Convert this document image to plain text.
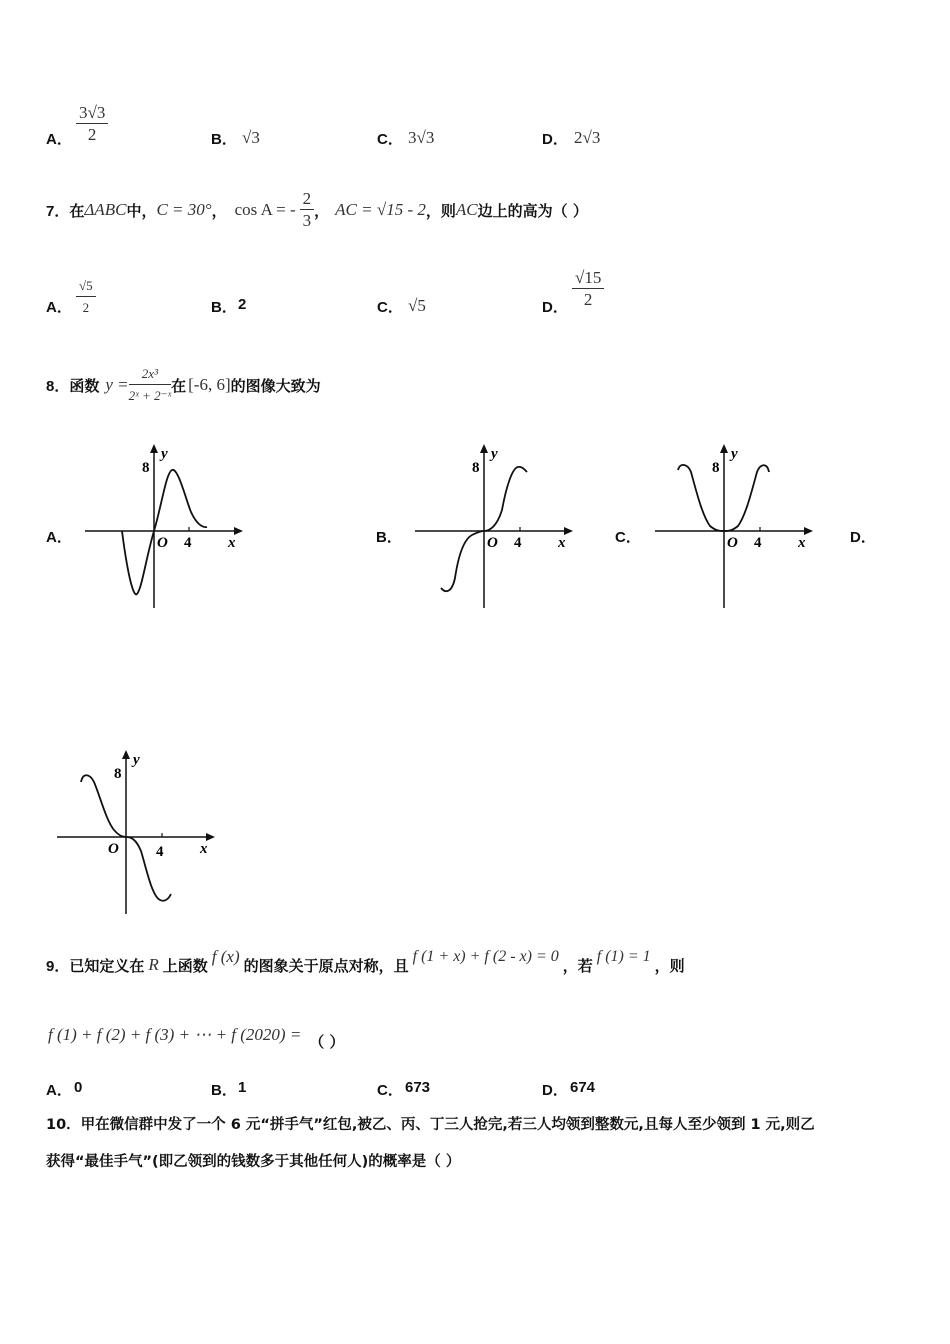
A． $\frac{3√3}{2}$	B． √3	C． 3√3	D． 2√3
7． 在 ΔABC 中， C = 30° ， cos A = - $\frac{2}{3}$ ， AC = √15 - 2 ，则 AC 边上的高为（ ）
A． $\frac{√5}{2}$	B． 2	C． √5	D． $\frac{√15}{2}$
8． 函数 $y = \frac{\text{2x³}}{\text{2ˣ + 2⁻ˣ}}$ 在 [-6, 6] 的图像大致为
A．	B．	C．	D．
8
y
O 4 x
8
y
O 4 x
8
y
O 4 x
8
y
O 4 x
9． 已知定义在 R 上函数 f (x) 的图象关于原点对称，且 f (1 + x) + f (2 - x) = 0 ，若 f (1) = 1 ，则
f (1) + f (2) + f (3) + ⋯ + f (2020) = （ ）
A． 0	B． 1	C． 673	D． 674
10．甲在微信群中发了一个 6 元“拼手气”红包,被乙、丙、丁三人抢完,若三人均领到整数元,且每人至少领到 1 元,则乙
获得“最佳手气”(即乙领到的钱数多于其他任何人)的概率是（ ）
